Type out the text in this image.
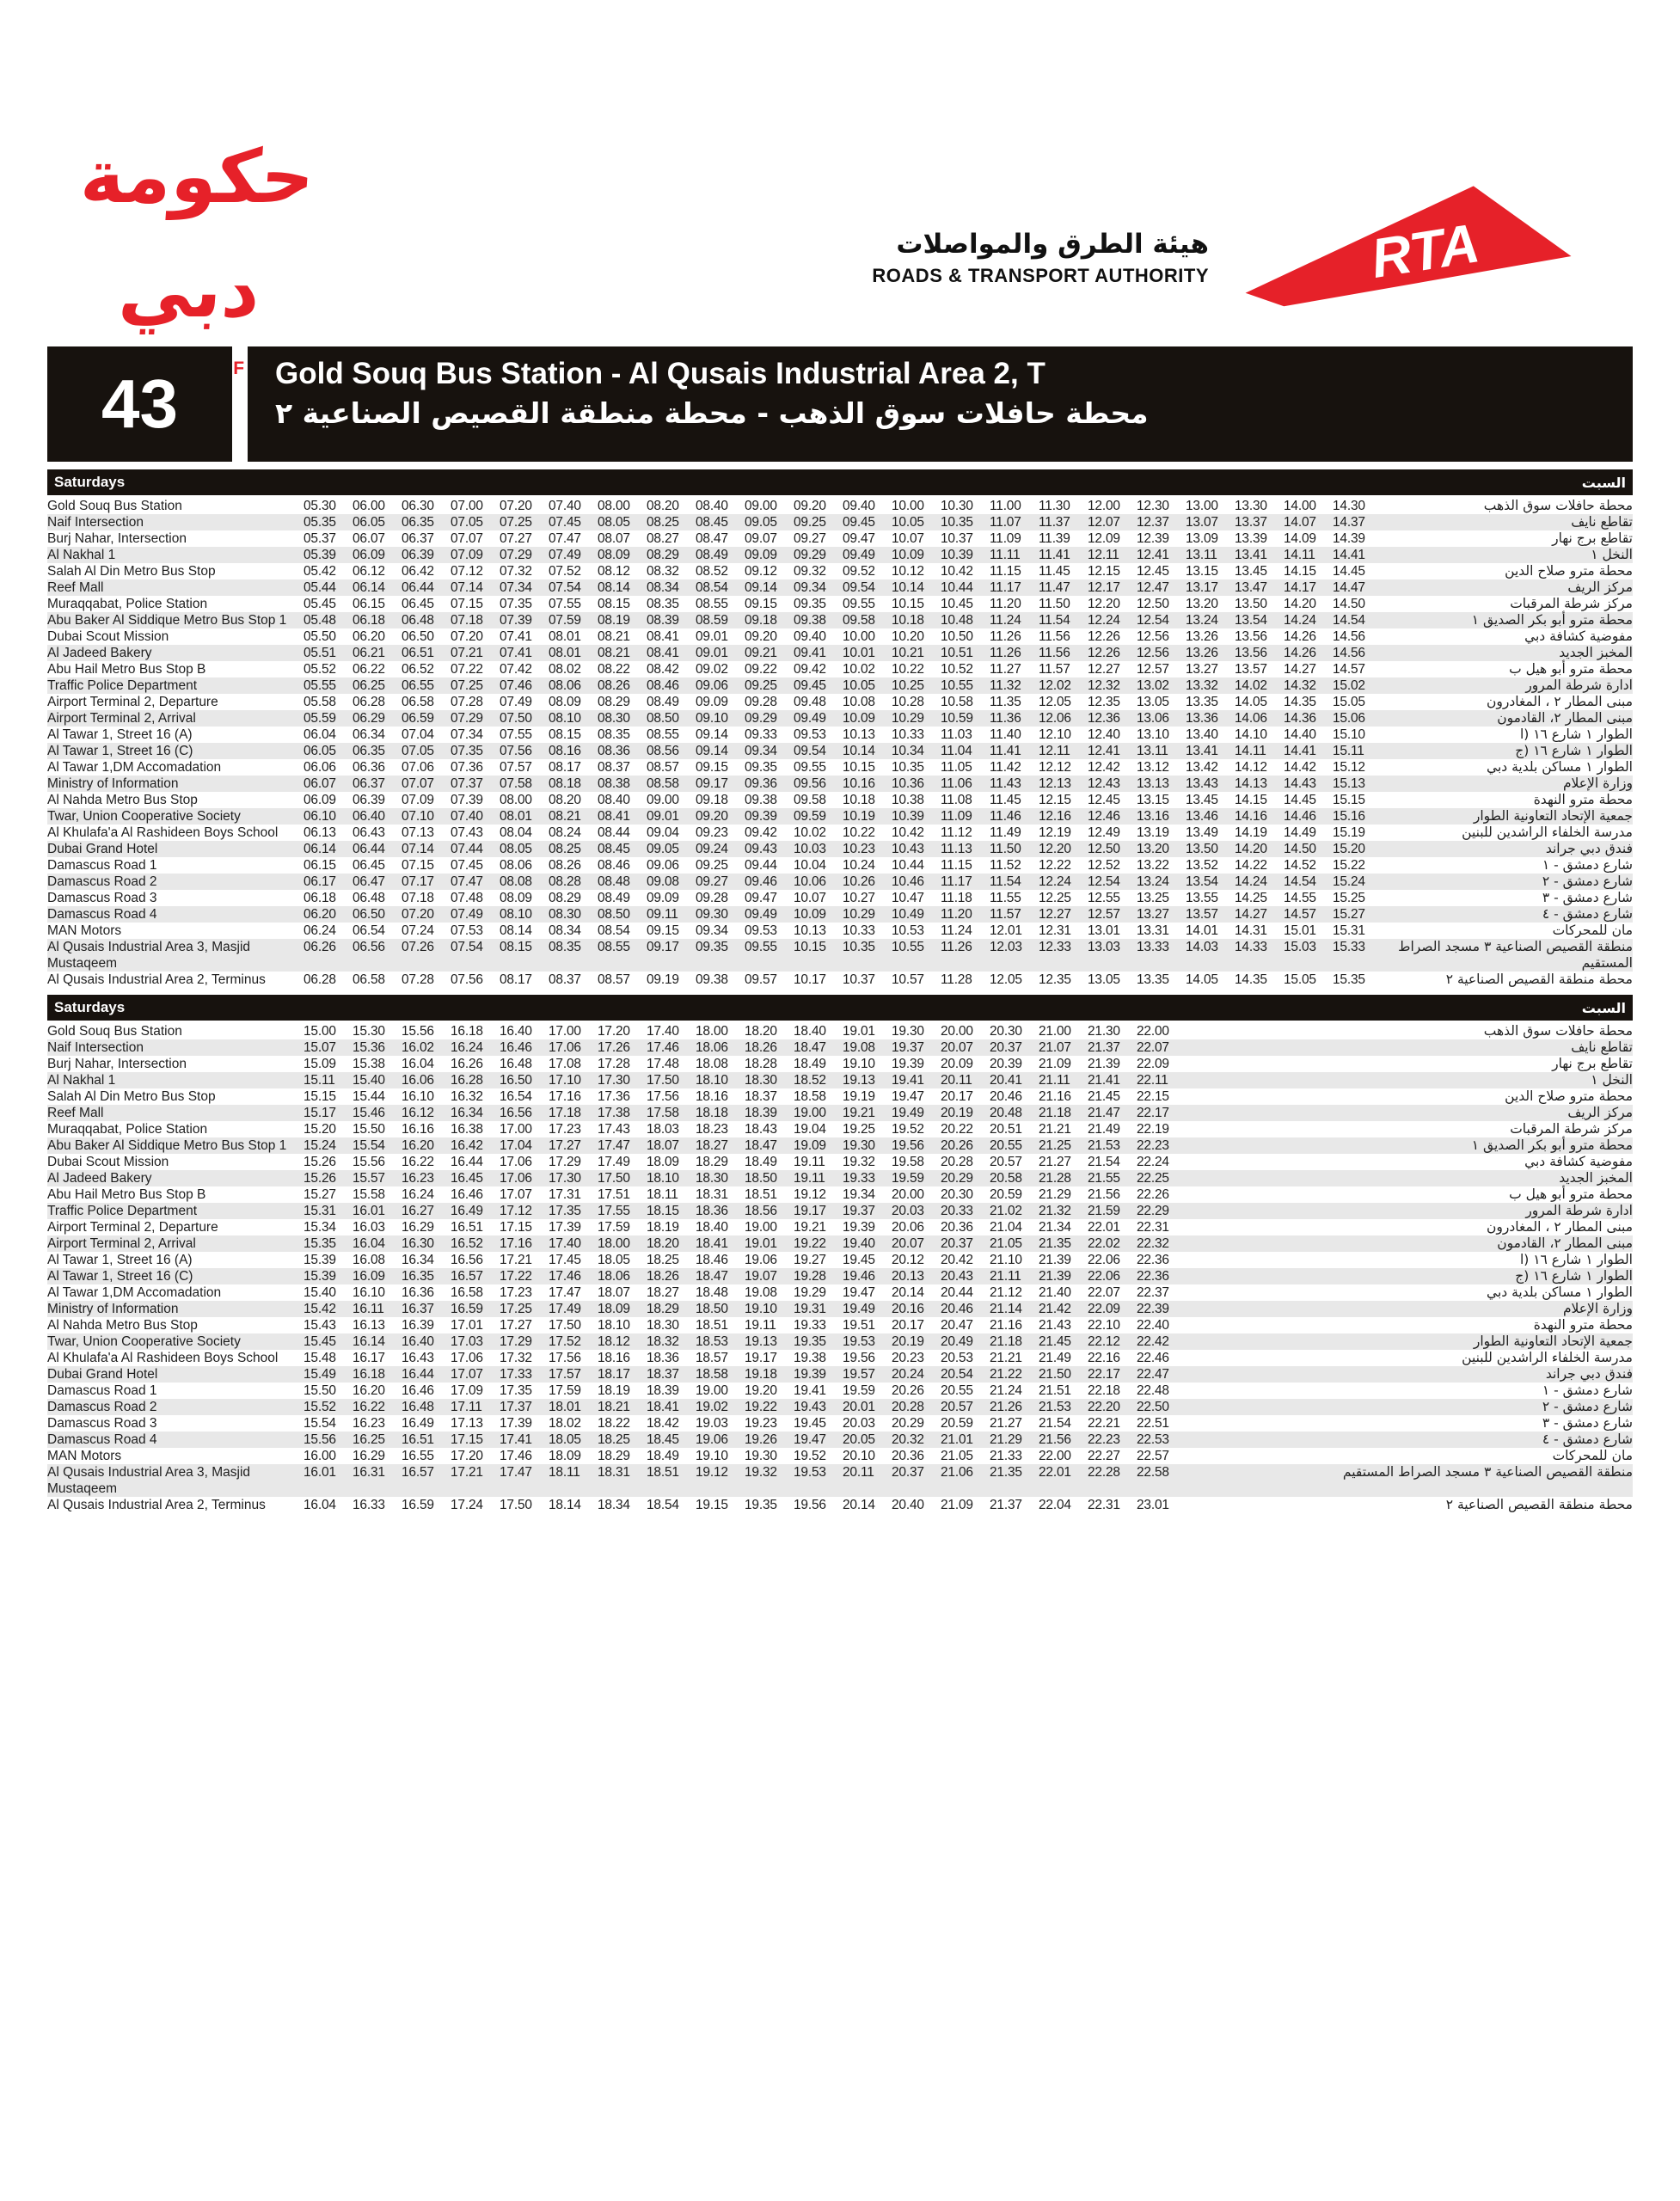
حكومة دبي
هيئة الطرق والمواصلات
ROADS & TRANSPORT AUTHORITY	RTA
43	Gold Souq Bus Station - Al Qusais Industrial Area 2, T
محطة حافلات سوق الذهب - محطة منطقة القصيص الصناعية ٢
Saturdays	السبت
Gold Souq Bus Station	05.30	06.00	06.30	07.00	07.20	07.40	08.00	08.20	08.40	09.00	09.20	09.40	10.00	10.30	11.00	11.30	12.00	12.30	13.00	13.30	14.00	14.30	محطة حافلات سوق الذهب
Naif Intersection	05.35	06.05	06.35	07.05	07.25	07.45	08.05	08.25	08.45	09.05	09.25	09.45	10.05	10.35	11.07	11.37	12.07	12.37	13.07	13.37	14.07	14.37	تقاطع نايف
Burj Nahar, Intersection	05.37	06.07	06.37	07.07	07.27	07.47	08.07	08.27	08.47	09.07	09.27	09.47	10.07	10.37	11.09	11.39	12.09	12.39	13.09	13.39	14.09	14.39	تقاطع برج نهار
Al Nakhal 1	05.39	06.09	06.39	07.09	07.29	07.49	08.09	08.29	08.49	09.09	09.29	09.49	10.09	10.39	11.11	11.41	12.11	12.41	13.11	13.41	14.11	14.41	النخل ١
Salah Al Din Metro Bus Stop	05.42	06.12	06.42	07.12	07.32	07.52	08.12	08.32	08.52	09.12	09.32	09.52	10.12	10.42	11.15	11.45	12.15	12.45	13.15	13.45	14.15	14.45	محطة مترو صلاح الدين
Reef Mall	05.44	06.14	06.44	07.14	07.34	07.54	08.14	08.34	08.54	09.14	09.34	09.54	10.14	10.44	11.17	11.47	12.17	12.47	13.17	13.47	14.17	14.47	مركز الريف
Muraqqabat, Police Station	05.45	06.15	06.45	07.15	07.35	07.55	08.15	08.35	08.55	09.15	09.35	09.55	10.15	10.45	11.20	11.50	12.20	12.50	13.20	13.50	14.20	14.50	مركز شرطة المرقبات
Abu Baker Al Siddique Metro Bus Stop 1	05.48	06.18	06.48	07.18	07.39	07.59	08.19	08.39	08.59	09.18	09.38	09.58	10.18	10.48	11.24	11.54	12.24	12.54	13.24	13.54	14.24	14.54	محطة مترو أبو بكر الصديق ١
Dubai Scout Mission	05.50	06.20	06.50	07.20	07.41	08.01	08.21	08.41	09.01	09.20	09.40	10.00	10.20	10.50	11.26	11.56	12.26	12.56	13.26	13.56	14.26	14.56	مفوضية كشافة دبي
Al Jadeed Bakery	05.51	06.21	06.51	07.21	07.41	08.01	08.21	08.41	09.01	09.21	09.41	10.01	10.21	10.51	11.26	11.56	12.26	12.56	13.26	13.56	14.26	14.56	المخبز الجديد
Abu Hail Metro Bus Stop B	05.52	06.22	06.52	07.22	07.42	08.02	08.22	08.42	09.02	09.22	09.42	10.02	10.22	10.52	11.27	11.57	12.27	12.57	13.27	13.57	14.27	14.57	محطة مترو أبو هيل ب
Traffic Police Department	05.55	06.25	06.55	07.25	07.46	08.06	08.26	08.46	09.06	09.25	09.45	10.05	10.25	10.55	11.32	12.02	12.32	13.02	13.32	14.02	14.32	15.02	ادارة شرطة المرور
Airport Terminal 2, Departure	05.58	06.28	06.58	07.28	07.49	08.09	08.29	08.49	09.09	09.28	09.48	10.08	10.28	10.58	11.35	12.05	12.35	13.05	13.35	14.05	14.35	15.05	مبنى المطار ٢ ، المغادرون
Airport Terminal 2, Arrival	05.59	06.29	06.59	07.29	07.50	08.10	08.30	08.50	09.10	09.29	09.49	10.09	10.29	10.59	11.36	12.06	12.36	13.06	13.36	14.06	14.36	15.06	مبنى المطار ٢، القادمون
Al Tawar 1, Street 16 (A)	06.04	06.34	07.04	07.34	07.55	08.15	08.35	08.55	09.14	09.33	09.53	10.13	10.33	11.03	11.40	12.10	12.40	13.10	13.40	14.10	14.40	15.10	الطوار ١ شارع ١٦ (ا
Al Tawar 1, Street 16 (C)	06.05	06.35	07.05	07.35	07.56	08.16	08.36	08.56	09.14	09.34	09.54	10.14	10.34	11.04	11.41	12.11	12.41	13.11	13.41	14.11	14.41	15.11	الطوار ١ شارع ١٦ (ج
Al Tawar 1,DM Accomadation	06.06	06.36	07.06	07.36	07.57	08.17	08.37	08.57	09.15	09.35	09.55	10.15	10.35	11.05	11.42	12.12	12.42	13.12	13.42	14.12	14.42	15.12	الطوار ١ مساكن بلدية دبي
Ministry of Information	06.07	06.37	07.07	07.37	07.58	08.18	08.38	08.58	09.17	09.36	09.56	10.16	10.36	11.06	11.43	12.13	12.43	13.13	13.43	14.13	14.43	15.13	وزارة الإعلام
Al Nahda Metro Bus Stop	06.09	06.39	07.09	07.39	08.00	08.20	08.40	09.00	09.18	09.38	09.58	10.18	10.38	11.08	11.45	12.15	12.45	13.15	13.45	14.15	14.45	15.15	محطة مترو النهدة
Twar, Union Cooperative Society	06.10	06.40	07.10	07.40	08.01	08.21	08.41	09.01	09.20	09.39	09.59	10.19	10.39	11.09	11.46	12.16	12.46	13.16	13.46	14.16	14.46	15.16	جمعية الإتحاد التعاونية الطوار
Al Khulafa'a Al Rashideen Boys School	06.13	06.43	07.13	07.43	08.04	08.24	08.44	09.04	09.23	09.42	10.02	10.22	10.42	11.12	11.49	12.19	12.49	13.19	13.49	14.19	14.49	15.19	مدرسة الخلفاء الراشدين للبنين
Dubai Grand Hotel	06.14	06.44	07.14	07.44	08.05	08.25	08.45	09.05	09.24	09.43	10.03	10.23	10.43	11.13	11.50	12.20	12.50	13.20	13.50	14.20	14.50	15.20	فندق دبي جراند
Damascus Road 1	06.15	06.45	07.15	07.45	08.06	08.26	08.46	09.06	09.25	09.44	10.04	10.24	10.44	11.15	11.52	12.22	12.52	13.22	13.52	14.22	14.52	15.22	شارع دمشق - ١
Damascus Road 2	06.17	06.47	07.17	07.47	08.08	08.28	08.48	09.08	09.27	09.46	10.06	10.26	10.46	11.17	11.54	12.24	12.54	13.24	13.54	14.24	14.54	15.24	شارع دمشق - ٢
Damascus Road 3	06.18	06.48	07.18	07.48	08.09	08.29	08.49	09.09	09.28	09.47	10.07	10.27	10.47	11.18	11.55	12.25	12.55	13.25	13.55	14.25	14.55	15.25	شارع دمشق - ٣
Damascus Road 4	06.20	06.50	07.20	07.49	08.10	08.30	08.50	09.11	09.30	09.49	10.09	10.29	10.49	11.20	11.57	12.27	12.57	13.27	13.57	14.27	14.57	15.27	شارع دمشق - ٤
MAN Motors	06.24	06.54	07.24	07.53	08.14	08.34	08.54	09.15	09.34	09.53	10.13	10.33	10.53	11.24	12.01	12.31	13.01	13.31	14.01	14.31	15.01	15.31	مان للمحركات
Al Qusais Industrial Area 3, Masjid Mustaqeem	06.26	06.56	07.26	07.54	08.15	08.35	08.55	09.17	09.35	09.55	10.15	10.35	10.55	11.26	12.03	12.33	13.03	13.33	14.03	14.33	15.03	15.33	منطقة القصيص الصناعية ٣ مسجد الصراط المستقيم
Al Qusais Industrial Area 2, Terminus	06.28	06.58	07.28	07.56	08.17	08.37	08.57	09.19	09.38	09.57	10.17	10.37	10.57	11.28	12.05	12.35	13.05	13.35	14.05	14.35	15.05	15.35	محطة منطقة القصيص الصناعية ٢
Saturdays	السبت
Gold Souq Bus Station	15.00	15.30	15.56	16.18	16.40	17.00	17.20	17.40	18.00	18.20	18.40	19.01	19.30	20.00	20.30	21.00	21.30	22.00	محطة حافلات سوق الذهب
Naif Intersection	15.07	15.36	16.02	16.24	16.46	17.06	17.26	17.46	18.06	18.26	18.47	19.08	19.37	20.07	20.37	21.07	21.37	22.07	تقاطع نايف
Burj Nahar, Intersection	15.09	15.38	16.04	16.26	16.48	17.08	17.28	17.48	18.08	18.28	18.49	19.10	19.39	20.09	20.39	21.09	21.39	22.09	تقاطع برج نهار
Al Nakhal 1	15.11	15.40	16.06	16.28	16.50	17.10	17.30	17.50	18.10	18.30	18.52	19.13	19.41	20.11	20.41	21.11	21.41	22.11	النخل ١
Salah Al Din Metro Bus Stop	15.15	15.44	16.10	16.32	16.54	17.16	17.36	17.56	18.16	18.37	18.58	19.19	19.47	20.17	20.46	21.16	21.45	22.15	محطة مترو صلاح الدين
Reef Mall	15.17	15.46	16.12	16.34	16.56	17.18	17.38	17.58	18.18	18.39	19.00	19.21	19.49	20.19	20.48	21.18	21.47	22.17	مركز الريف
Muraqqabat, Police Station	15.20	15.50	16.16	16.38	17.00	17.23	17.43	18.03	18.23	18.43	19.04	19.25	19.52	20.22	20.51	21.21	21.49	22.19	مركز شرطة المرقبات
Abu Baker Al Siddique Metro Bus Stop 1	15.24	15.54	16.20	16.42	17.04	17.27	17.47	18.07	18.27	18.47	19.09	19.30	19.56	20.26	20.55	21.25	21.53	22.23	محطة مترو أبو بكر الصديق ١
Dubai Scout Mission	15.26	15.56	16.22	16.44	17.06	17.29	17.49	18.09	18.29	18.49	19.11	19.32	19.58	20.28	20.57	21.27	21.54	22.24	مفوضية كشافة دبي
Al Jadeed Bakery	15.26	15.57	16.23	16.45	17.06	17.30	17.50	18.10	18.30	18.50	19.11	19.33	19.59	20.29	20.58	21.28	21.55	22.25	المخبز الجديد
Abu Hail Metro Bus Stop B	15.27	15.58	16.24	16.46	17.07	17.31	17.51	18.11	18.31	18.51	19.12	19.34	20.00	20.30	20.59	21.29	21.56	22.26	محطة مترو أبو هيل ب
Traffic Police Department	15.31	16.01	16.27	16.49	17.12	17.35	17.55	18.15	18.36	18.56	19.17	19.37	20.03	20.33	21.02	21.32	21.59	22.29	ادارة شرطة المرور
Airport Terminal 2, Departure	15.34	16.03	16.29	16.51	17.15	17.39	17.59	18.19	18.40	19.00	19.21	19.39	20.06	20.36	21.04	21.34	22.01	22.31	مبنى المطار ٢ ، المغادرون
Airport Terminal 2, Arrival	15.35	16.04	16.30	16.52	17.16	17.40	18.00	18.20	18.41	19.01	19.22	19.40	20.07	20.37	21.05	21.35	22.02	22.32	مبنى المطار ٢، القادمون
Al Tawar 1, Street 16 (A)	15.39	16.08	16.34	16.56	17.21	17.45	18.05	18.25	18.46	19.06	19.27	19.45	20.12	20.42	21.10	21.39	22.06	22.36	الطوار ١ شارع ١٦ (ا
Al Tawar 1, Street 16 (C)	15.39	16.09	16.35	16.57	17.22	17.46	18.06	18.26	18.47	19.07	19.28	19.46	20.13	20.43	21.11	21.39	22.06	22.36	الطوار ١ شارع ١٦ (ج
Al Tawar 1,DM Accomadation	15.40	16.10	16.36	16.58	17.23	17.47	18.07	18.27	18.48	19.08	19.29	19.47	20.14	20.44	21.12	21.40	22.07	22.37	الطوار ١ مساكن بلدية دبي
Ministry of Information	15.42	16.11	16.37	16.59	17.25	17.49	18.09	18.29	18.50	19.10	19.31	19.49	20.16	20.46	21.14	21.42	22.09	22.39	وزارة الإعلام
Al Nahda Metro Bus Stop	15.43	16.13	16.39	17.01	17.27	17.50	18.10	18.30	18.51	19.11	19.33	19.51	20.17	20.47	21.16	21.43	22.10	22.40	محطة مترو النهدة
Twar, Union Cooperative Society	15.45	16.14	16.40	17.03	17.29	17.52	18.12	18.32	18.53	19.13	19.35	19.53	20.19	20.49	21.18	21.45	22.12	22.42	جمعية الإتحاد التعاونية الطوار
Al Khulafa'a Al Rashideen Boys School	15.48	16.17	16.43	17.06	17.32	17.56	18.16	18.36	18.57	19.17	19.38	19.56	20.23	20.53	21.21	21.49	22.16	22.46	مدرسة الخلفاء الراشدين للبنين
Dubai Grand Hotel	15.49	16.18	16.44	17.07	17.33	17.57	18.17	18.37	18.58	19.18	19.39	19.57	20.24	20.54	21.22	21.50	22.17	22.47	فندق دبي جراند
Damascus Road 1	15.50	16.20	16.46	17.09	17.35	17.59	18.19	18.39	19.00	19.20	19.41	19.59	20.26	20.55	21.24	21.51	22.18	22.48	شارع دمشق - ١
Damascus Road 2	15.52	16.22	16.48	17.11	17.37	18.01	18.21	18.41	19.02	19.22	19.43	20.01	20.28	20.57	21.26	21.53	22.20	22.50	شارع دمشق - ٢
Damascus Road 3	15.54	16.23	16.49	17.13	17.39	18.02	18.22	18.42	19.03	19.23	19.45	20.03	20.29	20.59	21.27	21.54	22.21	22.51	شارع دمشق - ٣
Damascus Road 4	15.56	16.25	16.51	17.15	17.41	18.05	18.25	18.45	19.06	19.26	19.47	20.05	20.32	21.01	21.29	21.56	22.23	22.53	شارع دمشق - ٤
MAN Motors	16.00	16.29	16.55	17.20	17.46	18.09	18.29	18.49	19.10	19.30	19.52	20.10	20.36	21.05	21.33	22.00	22.27	22.57	مان للمحركات
Al Qusais Industrial Area 3, Masjid Mustaqeem	16.01	16.31	16.57	17.21	17.47	18.11	18.31	18.51	19.12	19.32	19.53	20.11	20.37	21.06	21.35	22.01	22.28	22.58	منطقة القصيص الصناعية ٣ مسجد الصراط المستقيم
Al Qusais Industrial Area 2, Terminus	16.04	16.33	16.59	17.24	17.50	18.14	18.34	18.54	19.15	19.35	19.56	20.14	20.40	21.09	21.37	22.04	22.31	23.01	محطة منطقة القصيص الصناعية ٢
